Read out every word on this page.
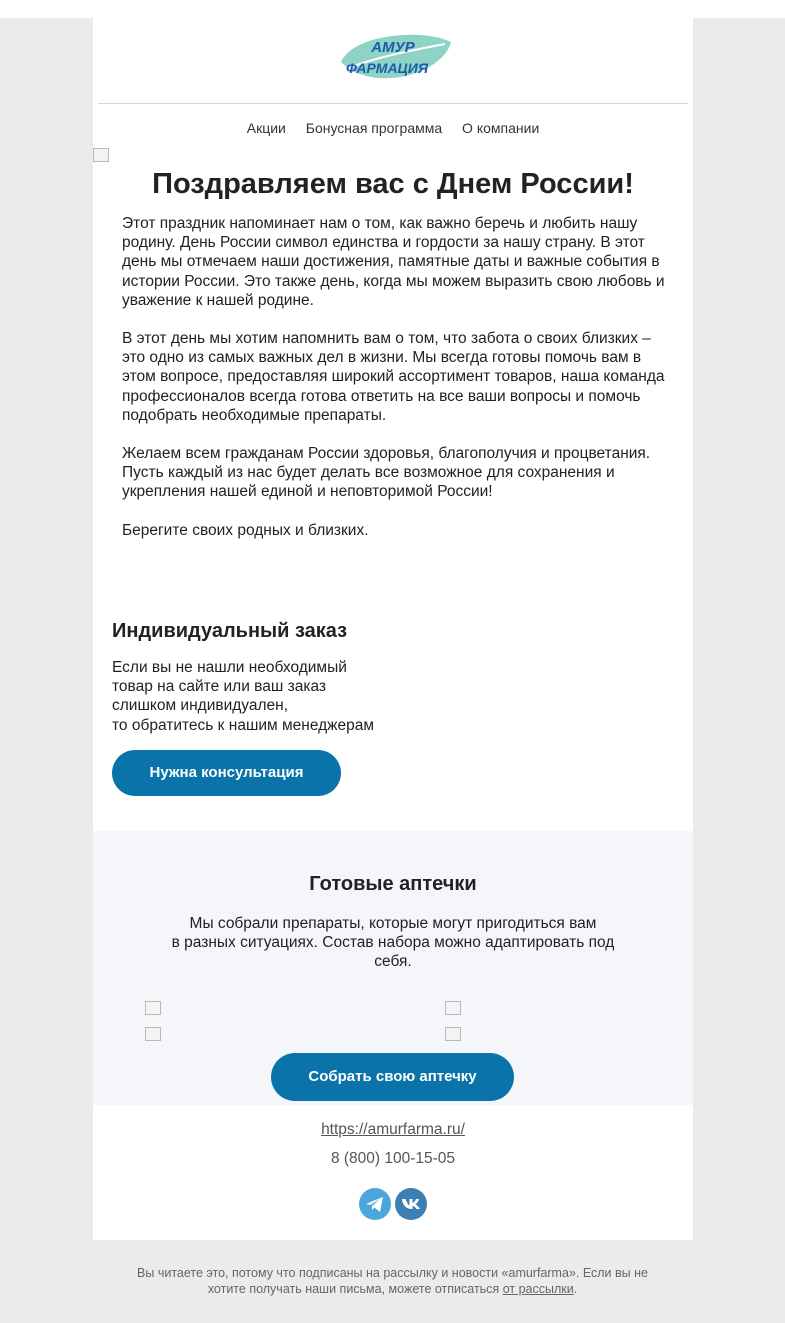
АМУР
ФАРМАЦИЯ
Акции Бонусная программа О компании
Поздравляем вас с Днем России!

Этот праздник напоминает нам о том, как важно беречь и любить нашу родину. День России символ единства и гордости за нашу страну. В этот день мы отмечаем наши достижения, памятные даты и важные события в истории России. Это также день, когда мы можем выразить свою любовь и уважение к нашей родине.

В этот день мы хотим напомнить вам о том, что забота о своих близких – это одно из самых важных дел в жизни. Мы всегда готовы помочь вам в этом вопросе, предоставляя широкий ассортимент товаров, наша команда профессионалов всегда готова ответить на все ваши вопросы и помочь подобрать необходимые препараты.

Желаем всем гражданам России здоровья, благополучия и процветания. Пусть каждый из нас будет делать все возможное для сохранения и укрепления нашей единой и неповторимой России!

Берегите своих родных и близких.

Индивидуальный заказ
Если вы не нашли необходимый
товар на сайте или ваш заказ
слишком индивидуален,
то обратитесь к нашим менеджерам
Нужна консультация
Готовые аптечки
Мы собрали препараты, которые могут пригодиться вам
в разных ситуациях. Состав набора можно адаптировать под себя.
Собрать свою аптечку
https://amurfarma.ru/
8 (800) 100-15-05
Вы читаете это, потому что подписаны на рассылку и новости «amurfarma». Если вы не хотите получать наши письма, можете отписаться от рассылки.
